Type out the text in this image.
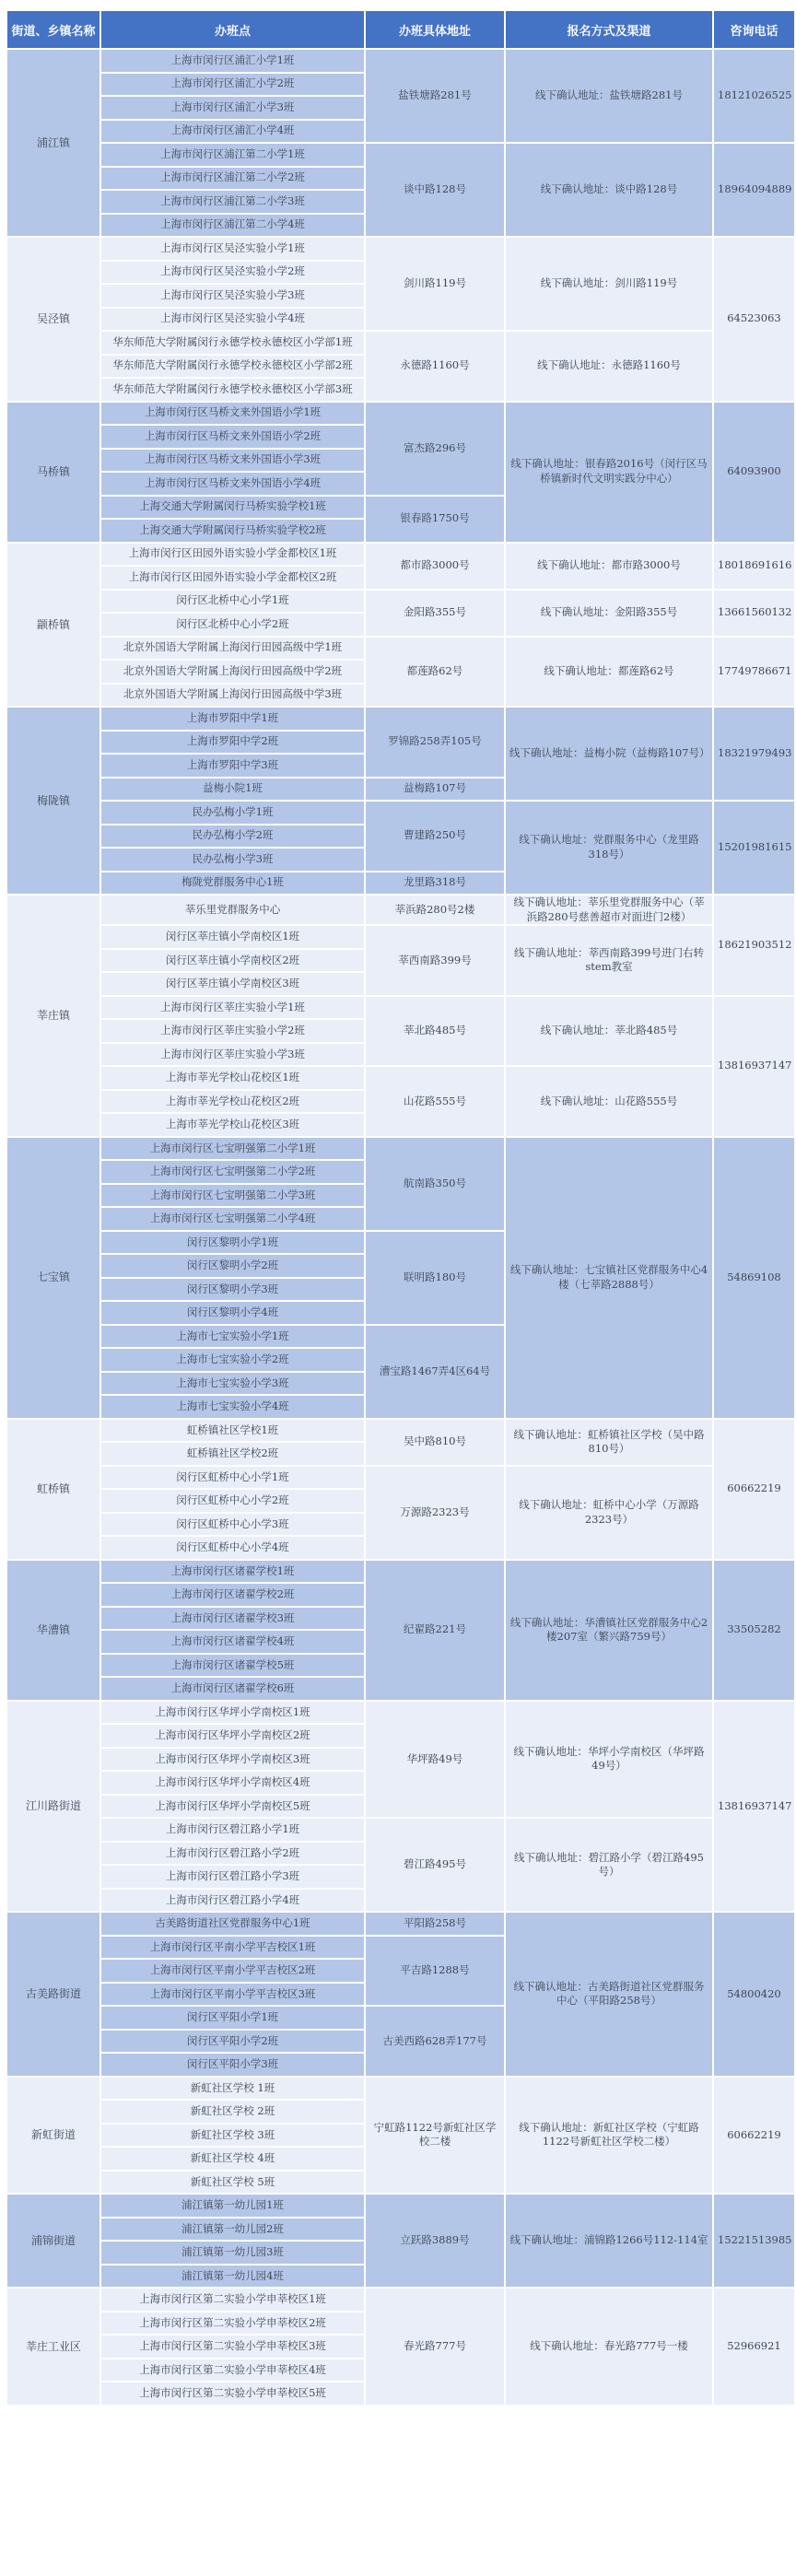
街道、乡镇名称	办班点	办班具体地址	报名方式及渠道	咨询电话
浦江镇	上海市闵行区浦汇小学1班	盐铁塘路281号	线下确认地址：盐铁塘路281号	18121026525
	上海市闵行区浦汇小学2班			
	上海市闵行区浦汇小学3班			
	上海市闵行区浦汇小学4班			
	上海市闵行区浦江第二小学1班	谈中路128号	线下确认地址：谈中路128号	18964094889
	上海市闵行区浦江第二小学2班			
	上海市闵行区浦江第二小学3班			
	上海市闵行区浦江第二小学4班			
吴泾镇	上海市闵行区吴泾实验小学1班	剑川路119号	线下确认地址：剑川路119号	64523063
	上海市闵行区吴泾实验小学2班			
	上海市闵行区吴泾实验小学3班			
	上海市闵行区吴泾实验小学4班			
	华东师范大学附属闵行永德学校永德校区小学部1班	永德路1160号	线下确认地址：永德路1160号	
	华东师范大学附属闵行永德学校永德校区小学部2班			
	华东师范大学附属闵行永德学校永德校区小学部3班			
马桥镇	上海市闵行区马桥文来外国语小学1班	富杰路296号	线下确认地址：银春路2016号（闵行区马桥镇新时代文明实践分中心）	64093900
	上海市闵行区马桥文来外国语小学2班			
	上海市闵行区马桥文来外国语小学3班			
	上海市闵行区马桥文来外国语小学4班			
	上海交通大学附属闵行马桥实验学校1班	银春路1750号		
	上海交通大学附属闵行马桥实验学校2班			
颛桥镇	上海市闵行区田园外语实验小学金都校区1班	都市路3000号	线下确认地址：都市路3000号	18018691616
	上海市闵行区田园外语实验小学金都校区2班			
	闵行区北桥中心小学1班	金阳路355号	线下确认地址：金阳路355号	13661560132
	闵行区北桥中心小学2班			
	北京外国语大学附属上海闵行田园高级中学1班	都莲路62号	线下确认地址：都莲路62号	17749786671
	北京外国语大学附属上海闵行田园高级中学2班			
	北京外国语大学附属上海闵行田园高级中学3班			
梅陇镇	上海市罗阳中学1班	罗锦路258弄105号	线下确认地址：益梅小院（益梅路107号）	18321979493
	上海市罗阳中学2班			
	上海市罗阳中学3班			
	益梅小院1班	益梅路107号		
	民办弘梅小学1班	曹建路250号	线下确认地址：党群服务中心（龙里路318号）	15201981615
	民办弘梅小学2班			
	民办弘梅小学3班			
	梅陇党群服务中心1班	龙里路318号		
莘庄镇	莘乐里党群服务中心	莘浜路280号2楼	线下确认地址：莘乐里党群服务中心（莘浜路280号慈善超市对面进门2楼）	18621903512
	闵行区莘庄镇小学南校区1班	莘西南路399号	线下确认地址：莘西南路399号进门右转stem教室	
	闵行区莘庄镇小学南校区2班			
	闵行区莘庄镇小学南校区3班			
	上海市闵行区莘庄实验小学1班	莘北路485号	线下确认地址：莘北路485号	13816937147
	上海市闵行区莘庄实验小学2班			
	上海市闵行区莘庄实验小学3班			
	上海市莘光学校山花校区1班	山花路555号	线下确认地址：山花路555号	
	上海市莘光学校山花校区2班			
	上海市莘光学校山花校区3班			
七宝镇	上海市闵行区七宝明强第二小学1班	航南路350号	线下确认地址：七宝镇社区党群服务中心4楼（七莘路2888号）	54869108
	上海市闵行区七宝明强第二小学2班			
	上海市闵行区七宝明强第二小学3班			
	上海市闵行区七宝明强第二小学4班			
	闵行区黎明小学1班	联明路180号		
	闵行区黎明小学2班			
	闵行区黎明小学3班			
	闵行区黎明小学4班			
	上海市七宝实验小学1班	漕宝路1467弄4区64号		
	上海市七宝实验小学2班			
	上海市七宝实验小学3班			
	上海市七宝实验小学4班			
虹桥镇	虹桥镇社区学校1班	吴中路810号	线下确认地址：虹桥镇社区学校（吴中路810号）	60662219
	虹桥镇社区学校2班			
	闵行区虹桥中心小学1班	万源路2323号	线下确认地址：虹桥中心小学（万源路2323号）	
	闵行区虹桥中心小学2班			
	闵行区虹桥中心小学3班			
	闵行区虹桥中心小学4班			
华漕镇	上海市闵行区诸翟学校1班	纪翟路221号	线下确认地址：华漕镇社区党群服务中心2楼207室（繁兴路759号）	33505282
	上海市闵行区诸翟学校2班			
	上海市闵行区诸翟学校3班			
	上海市闵行区诸翟学校4班			
	上海市闵行区诸翟学校5班			
	上海市闵行区诸翟学校6班			
江川路街道	上海市闵行区华坪小学南校区1班	华坪路49号	线下确认地址：华坪小学南校区（华坪路49号）	13816937147
	上海市闵行区华坪小学南校区2班			
	上海市闵行区华坪小学南校区3班			
	上海市闵行区华坪小学南校区4班			
	上海市闵行区华坪小学南校区5班			
	上海市闵行区碧江路小学1班	碧江路495号	线下确认地址：碧江路小学（碧江路495号）	
	上海市闵行区碧江路小学2班			
	上海市闵行区碧江路小学3班			
	上海市闵行区碧江路小学4班			
古美路街道	古美路街道社区党群服务中心1班	平阳路258号	线下确认地址：古美路街道社区党群服务中心（平阳路258号）	54800420
	上海市闵行区平南小学平吉校区1班	平吉路1288号		
	上海市闵行区平南小学平吉校区2班			
	上海市闵行区平南小学平吉校区3班			
	闵行区平阳小学1班	古美西路628弄177号		
	闵行区平阳小学2班			
	闵行区平阳小学3班			
新虹街道	新虹社区学校 1班	宁虹路1122号新虹社区学校二楼	线下确认地址：新虹社区学校（宁虹路1122号新虹社区学校二楼）	60662219
	新虹社区学校 2班			
	新虹社区学校 3班			
	新虹社区学校 4班			
	新虹社区学校 5班			
浦锦街道	浦江镇第一幼儿园1班	立跃路3889号	线下确认地址：浦锦路1266号112-114室	15221513985
	浦江镇第一幼儿园2班			
	浦江镇第一幼儿园3班			
	浦江镇第一幼儿园4班			
莘庄工业区	上海市闵行区第二实验小学申莘校区1班	春光路777号	线下确认地址：春光路777号一楼	52966921
	上海市闵行区第二实验小学申莘校区2班			
	上海市闵行区第二实验小学申莘校区3班			
	上海市闵行区第二实验小学申莘校区4班			
	上海市闵行区第二实验小学申莘校区5班			
